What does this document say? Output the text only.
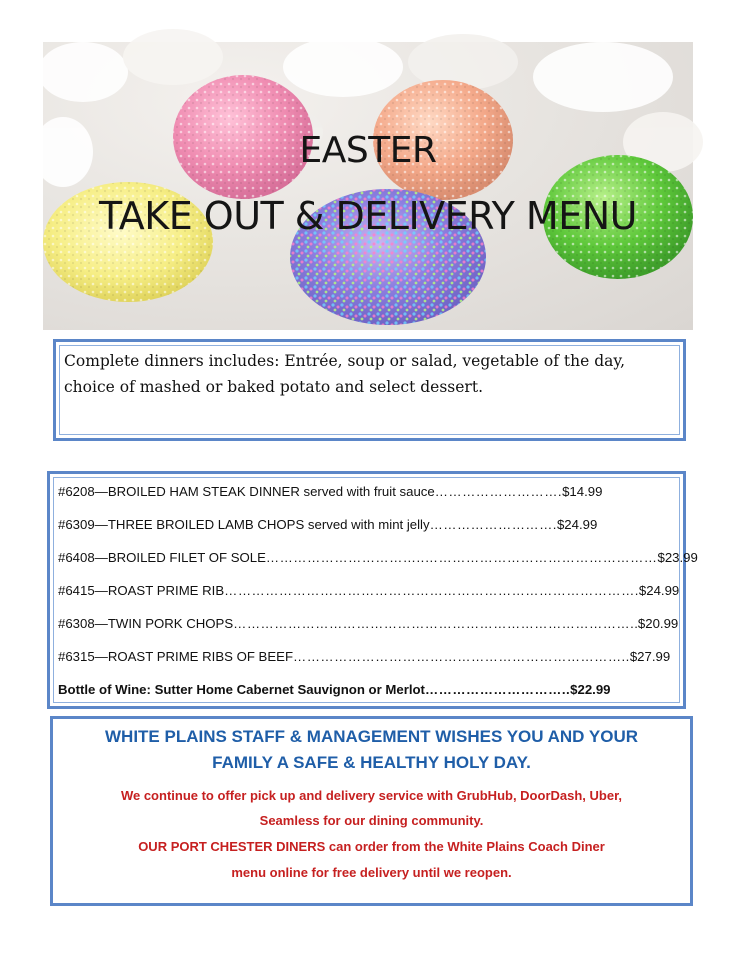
EASTER
TAKE OUT & DELIVERY MENU
Complete dinners includes: Entrée, soup or salad, vegetable of the day, choice of mashed or baked potato and select dessert.
#6208—BROILED HAM STEAK DINNER served with fruit sauce……………………….$14.99
#6309—THREE BROILED LAMB CHOPS served with mint jelly……………………….$24.99
#6408—BROILED FILET OF SOLE……………………………..……………………………………………$23.99
#6415—ROAST PRIME RIB……………………………………………………………………………….$24.99
#6308—TWIN PORK CHOPS……………………………………………………………………………..$20.99
#6315—ROAST PRIME RIBS OF BEEF………………………………………………………………..$27.99
Bottle of Wine: Sutter Home Cabernet Sauvignon or Merlot…………………………..$22.99
WHITE PLAINS STAFF & MANAGEMENT WISHES YOU AND YOUR
FAMILY A SAFE & HEALTHY HOLY DAY.
We continue to offer pick up and delivery service with GrubHub, DoorDash, Uber,
Seamless for our dining community.
OUR PORT CHESTER DINERS can order from the White Plains Coach Diner
menu online for free delivery until we reopen.
